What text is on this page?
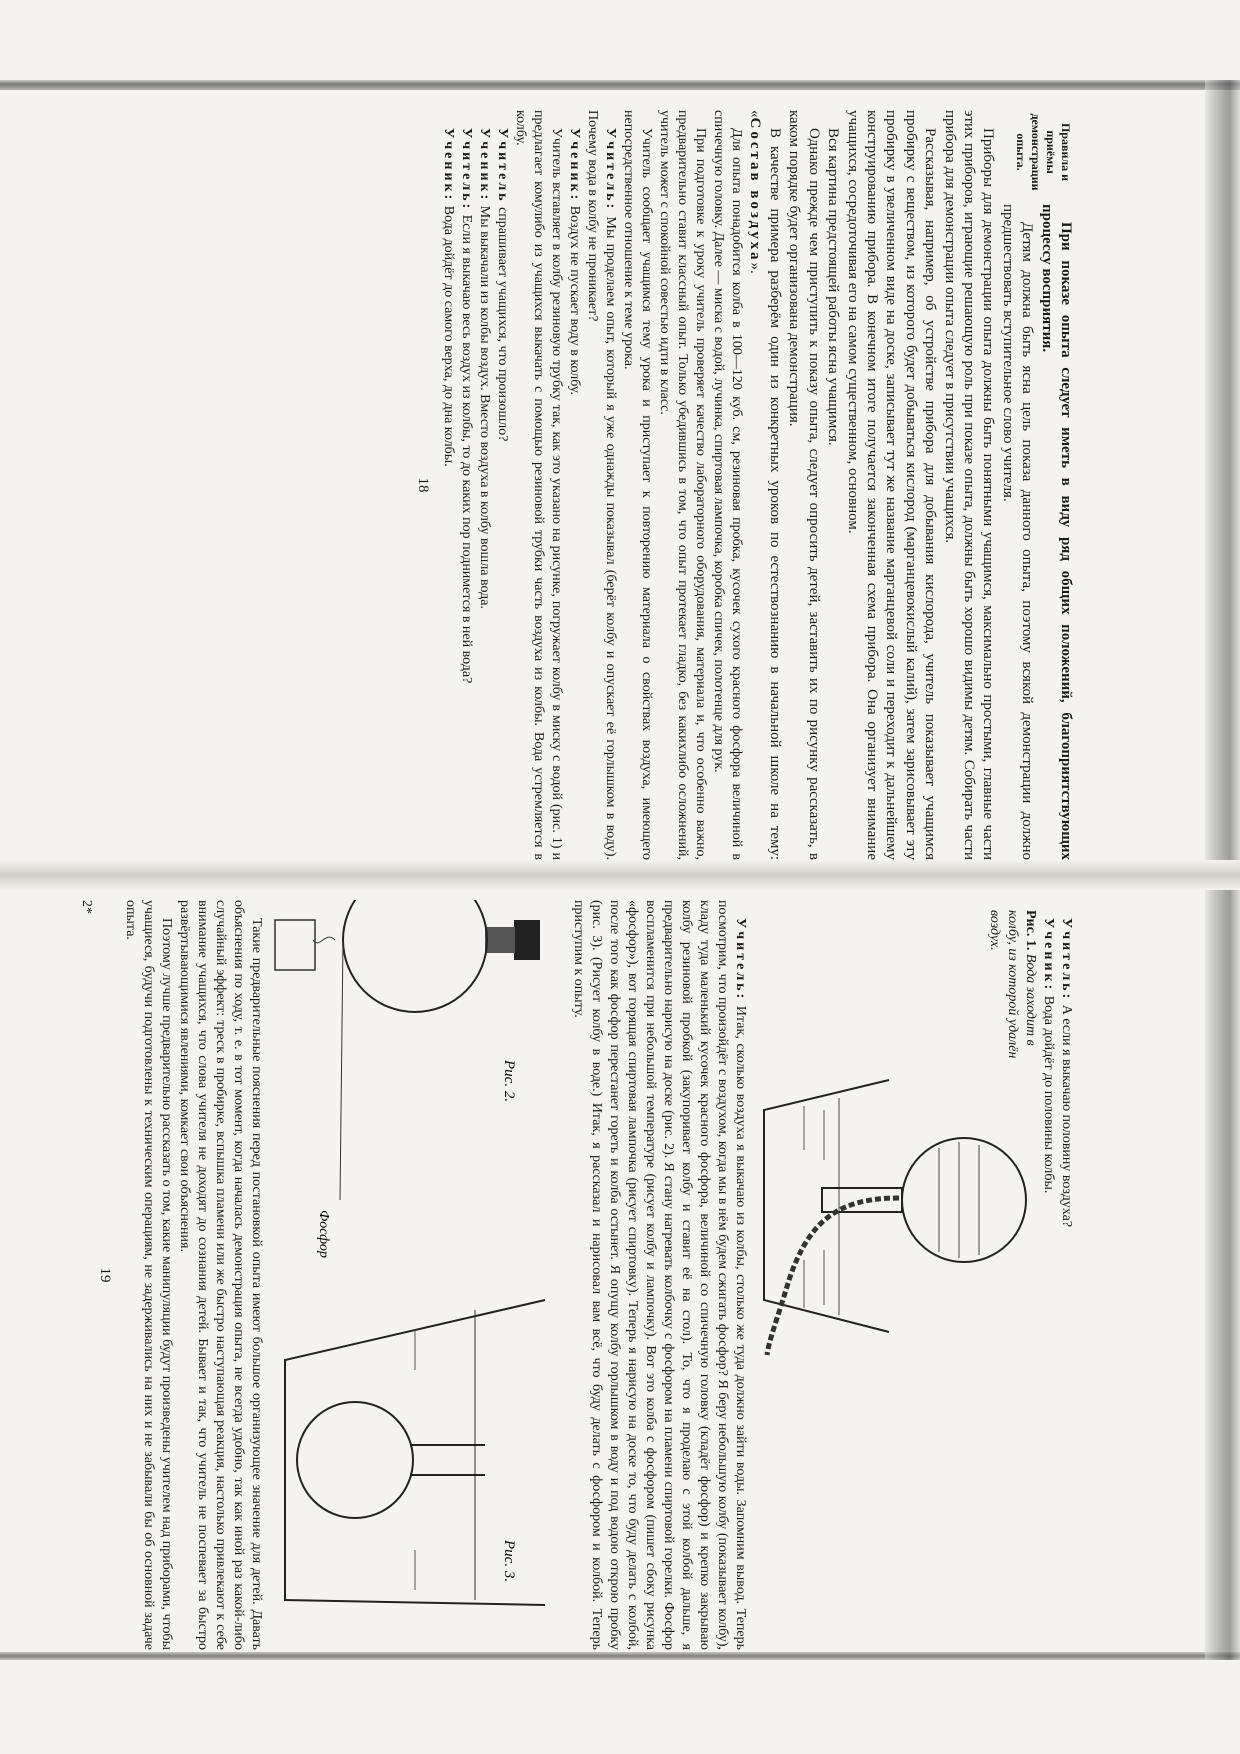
Правила и приёмы демонстрации опыта.

При показе опыта следует иметь в виду ряд общих положений, благоприятствующих процессу восприятия.

Детям должна быть ясна цель показа данного опыта, поэтому всякой демонстрации должно предшествовать вступительное слово учителя.

Приборы для демонстрации опыта должны быть понятными учащимся, максимально простыми, главные части этих приборов, играющие решающую роль при показе опыта, должны быть хорошо видимы детям. Собирать части прибора для демонстрации опыта следует в присутствии учащихся.

Рассказывая, например, об устройстве прибора для добывания кислорода, учитель показывает учащимся пробирку с веществом, из которого будет добываться кислород (марганцевокислый калий), затем зарисовывает эту пробирку в увеличенном виде на доске, записывает тут же название марганцевой соли и переходит к дальнейшему конструированию прибора. В конечном итоге получается законченная схема прибора. Она организует внимание учащихся, сосредоточивая его на самом существенном, основном.

Вся картина предстоящей работы ясна учащимся.

Однако прежде чем приступить к показу опыта, следует опросить детей, заставить их по рисунку рассказать, в каком порядке будет организована демонстрация.

В качестве примера разберём один из конкретных уроков по естествознанию в начальной школе на тему: «Состав воздуха».

Для опыта понадобится колба в 100—120 куб. см, резиновая пробка, кусочек сухого красного фосфора величиной в спичечную головку. Далее — миска с водой, лучинка, спиртовая лампочка, коробка спичек, полотенце для рук.

При подготовке к уроку учитель проверяет качество лабораторного оборудования, материала и, что особенно важно, предварительно ставит классный опыт. Только убедившись в том, что опыт протекает гладко, без какихлибо осложнений, учитель может с спокойной совестью идти в класс.

Учитель сообщает учащимся тему урока и приступает к повторению материала о свойствах воздуха, имеющего непосредственное отношение к теме урока.

Учитель: Мы проделаем опыт, который я уже однажды показывал (берёт колбу и опускает её горлышком в воду). Почему вода в колбу не проникает?

Ученик: Воздух не пускает воду в колбу.

Учитель вставляет в колбу резиновую трубку так, как это указано на рисунке, погружает колбу в миску с водой (рис. 1) и предлагает комулибо из учащихся выкачать с помощью резиновой трубки часть воздуха из колбы. Вода устремляется в колбу.

Учитель спрашивает учащихся, что произошло?

Ученик: Мы выкачали из колбы воздух. Вместо воздуха в колбу вошла вода.

Учитель: Если я выкачаю весь воздух из колбы, то до каких пор поднимется в ней вода?

Ученик: Вода дойдёт до самого верха, до дна колбы.

18

Учитель: А если я выкачаю половину воздуха?

Ученик: Вода дойдёт до половины колбы.

Рис. 1. Вода заходит в колбу, из которой удалён воздух.

Учитель: Итак, сколько воздуха я выкачаю из колбы, столько же туда должно зайти воды. Запомним вывод. Теперь посмотрим, что произойдёт с воздухом, когда мы в нём будем сжигать фосфор? Я беру небольшую колбу (показывает колбу), кладу туда маленький кусочек красного фосфора, величиной со спичечную головку (кладёт фосфор) и крепко закрываю колбу резиновой пробкой (закупоривает колбу и ставит её на стол). То, что я проделаю с этой колбой дальше, я предварительно нарисую на доске (рис. 2). Я стану нагревать колбочку с фосфором на пламени спиртовой горелки. Фосфор воспламенится при небольшой температуре (рисует колбу и лампочку). Вот это колба с фосфором (пишет сбоку рисунка «фосфор»), вот горящая спиртовая лампочка (рисует спиртовку). Теперь я нарисую на доске то, что буду делать с колбой, после того как фосфор перестанет гореть и колба остынет. Я опущу колбу горлышком в воду и под водою открою пробку (рис. 3). (Рисует колбу в воде.) Итак, я рассказал и нарисовал вам всё, что буду делать с фосфором и колбой. Теперь приступим к опыту.

Фосфор
Рис. 2.
Рис. 3.

Такие предварительные пояснения перед постановкой опыта имеют большое организующее значение для детей. Давать объяснения по ходу, т. е. в тот момент, когда началась демонстрация опыта, не всегда удобно, так как иной раз какой-либо случайный эффект: треск в пробирке, вспышка пламени или же быстро наступающая реакция, настолько привлекают к себе внимание учащихся, что слова учителя не доходят до сознания детей. Бывает и так, что учитель не поспевает за быстро развёртывающимися явлениями, комкает свои объяснения.

Поэтому лучше предварительно рассказать о том, какие манипуляции будут произведены учителем над приборами, чтобы учащиеся, будучи подготовлены к техническим операциям, не задерживались на них и не забывали бы об основной задаче опыта.

19
2*
